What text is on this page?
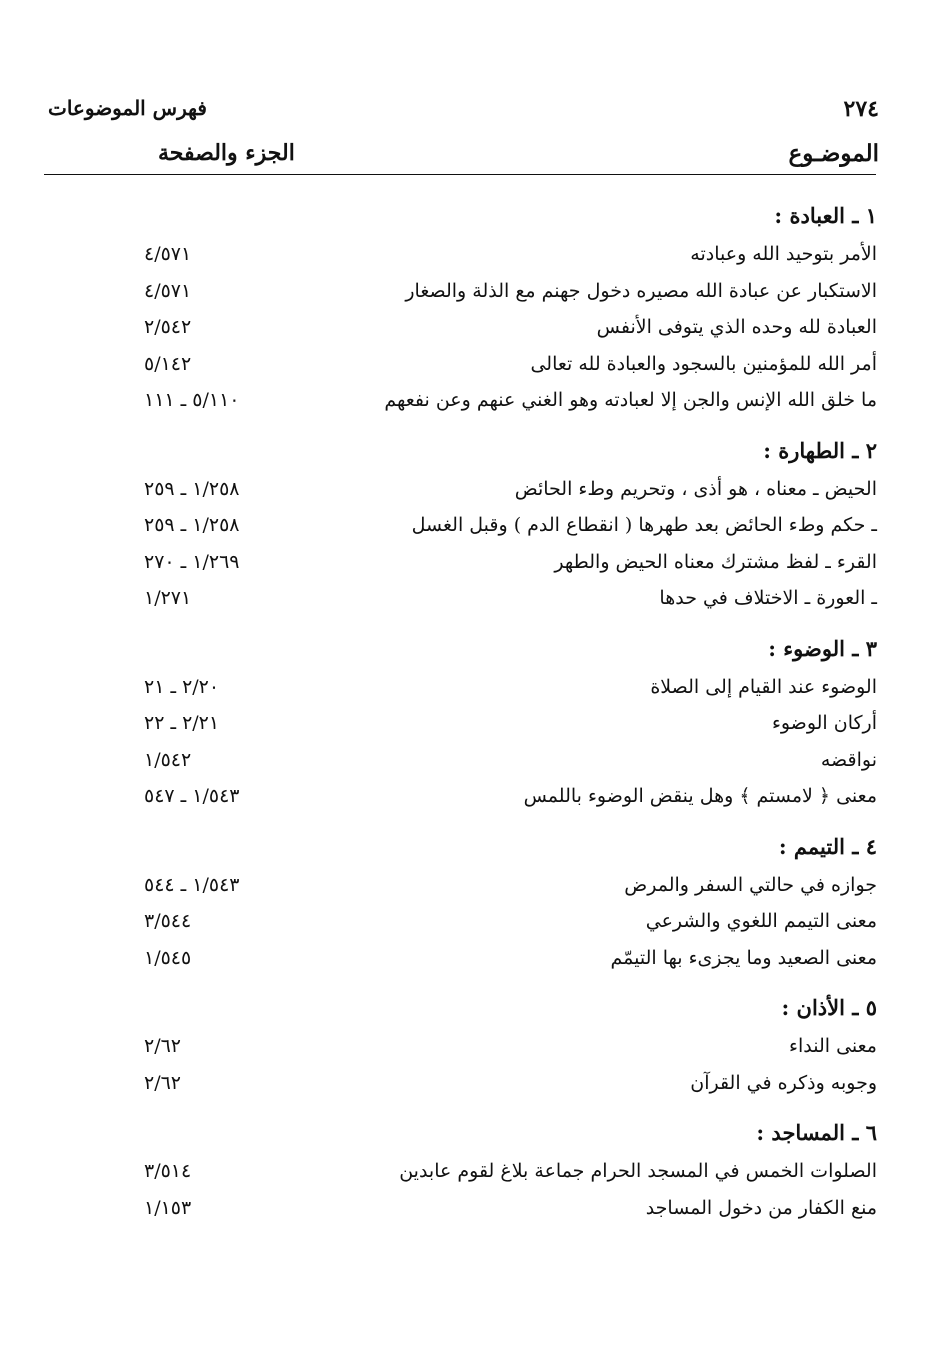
٢٧٤
فهرس الموضوعات
الموضـوع
الجزء والصفحة
١ ـ العبادة :
الأمر بتوحيد الله وعبادته
٤/٥٧١
الاستكبار عن عبادة الله مصيره دخول جهنم مع الذلة والصغار
٤/٥٧١
العبادة لله وحده الذي يتوفى الأنفس
٢/٥٤٢
أمر الله للمؤمنين بالسجود والعبادة لله تعالى
٥/١٤٢
ما خلق الله الإنس والجن إلا لعبادته وهو الغني عنهم وعن نفعهم
٥/١١٠ ـ ١١١
٢ ـ الطهارة :
الحيض ـ معناه ، هو أذى ، وتحريم وطء الحائض
١/٢٥٨ ـ ٢٥٩
ـ حكم وطء الحائض بعد طهرها ( انقطاع الدم ) وقبل الغسل
١/٢٥٨ ـ ٢٥٩
القرء ـ لفظ مشترك معناه الحيض والطهر
١/٢٦٩ ـ ٢٧٠
ـ العورة ـ الاختلاف في حدها
١/٢٧١
٣ ـ الوضوء :
الوضوء عند القيام إلى الصلاة
٢/٢٠ ـ ٢١
أركان الوضوء
٢/٢١ ـ ٢٢
نواقضه
١/٥٤٢
معنى ﴿ لامستم ﴾ وهل ينقض الوضوء باللمس
١/٥٤٣ ـ ٥٤٧
٤ ـ التيمم :
جوازه في حالتي السفر والمرض
١/٥٤٣ ـ ٥٤٤
معنى التيمم اللغوي والشرعي
٣/٥٤٤
معنى الصعيد وما يجزىء بها التيمّم
١/٥٤٥
٥ ـ الأذان :
معنى النداء
٢/٦٢
وجوبه وذكره في القرآن
٢/٦٢
٦ ـ المساجد :
الصلوات الخمس في المسجد الحرام جماعة بلاغ لقوم عابدين
٣/٥١٤
منع الكفار من دخول المساجد
١/١٥٣
